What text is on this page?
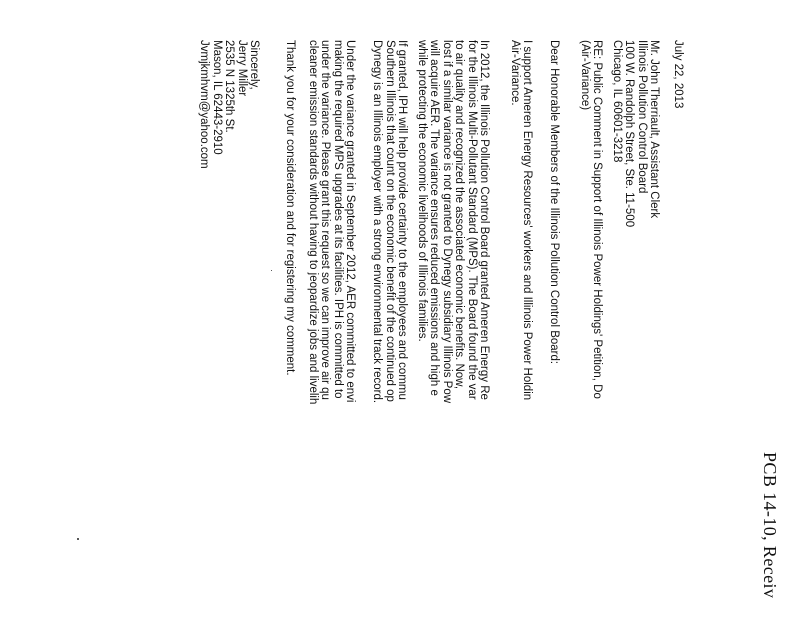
PCB 14-10, Receiv
July 22, 2013
Mr. John Therriault, Assistant Clerk
Illinois Pollution Control Board
100 W. Randolph Street, Ste. 11-500
Chicago, IL 60601-3218
RE: Public Comment in Support of Illinois Power Holdings' Petition, Do
(Air-Variance)
Dear Honorable Members of the Illinois Pollution Control Board:
I support Ameren Energy Resources' workers and Illinois Power Holdin
Air-Variance.
In 2012, the Illinois Pollution Control Board granted Ameren Energy Re
for the Illinois Multi-Pollutant Standard (MPS). The Board found the var
to air quality and recognized the associated economic benefits. Now,
lost if a similar variance is not granted to Dynegy subsidiary Illinois Pow
will acquire AER. The variance ensures reduced emissions and high e
while protecting the economic livelihoods of Illinois families.
If granted, IPH will help provide certainty to the employees and commu
Southern Illinois that count on the economic benefit of the continued op
Dynegy is an Illinois employer with a strong environmental track record.
Under the variance granted in September 2012, AER committed to envi
making the required MPS upgrades at its facilities. IPH is committed to
under the variance. Please grant this request so we can improve air qu
cleaner emission standards without having to jeopardize jobs and livelih
Thank you for your consideration and for registering my comment.
Sincerely,
Jerry Miller
2535 N 1325th St.
Mason, IL 62443-2910
Jvmjkmhvm@yahoo.com
